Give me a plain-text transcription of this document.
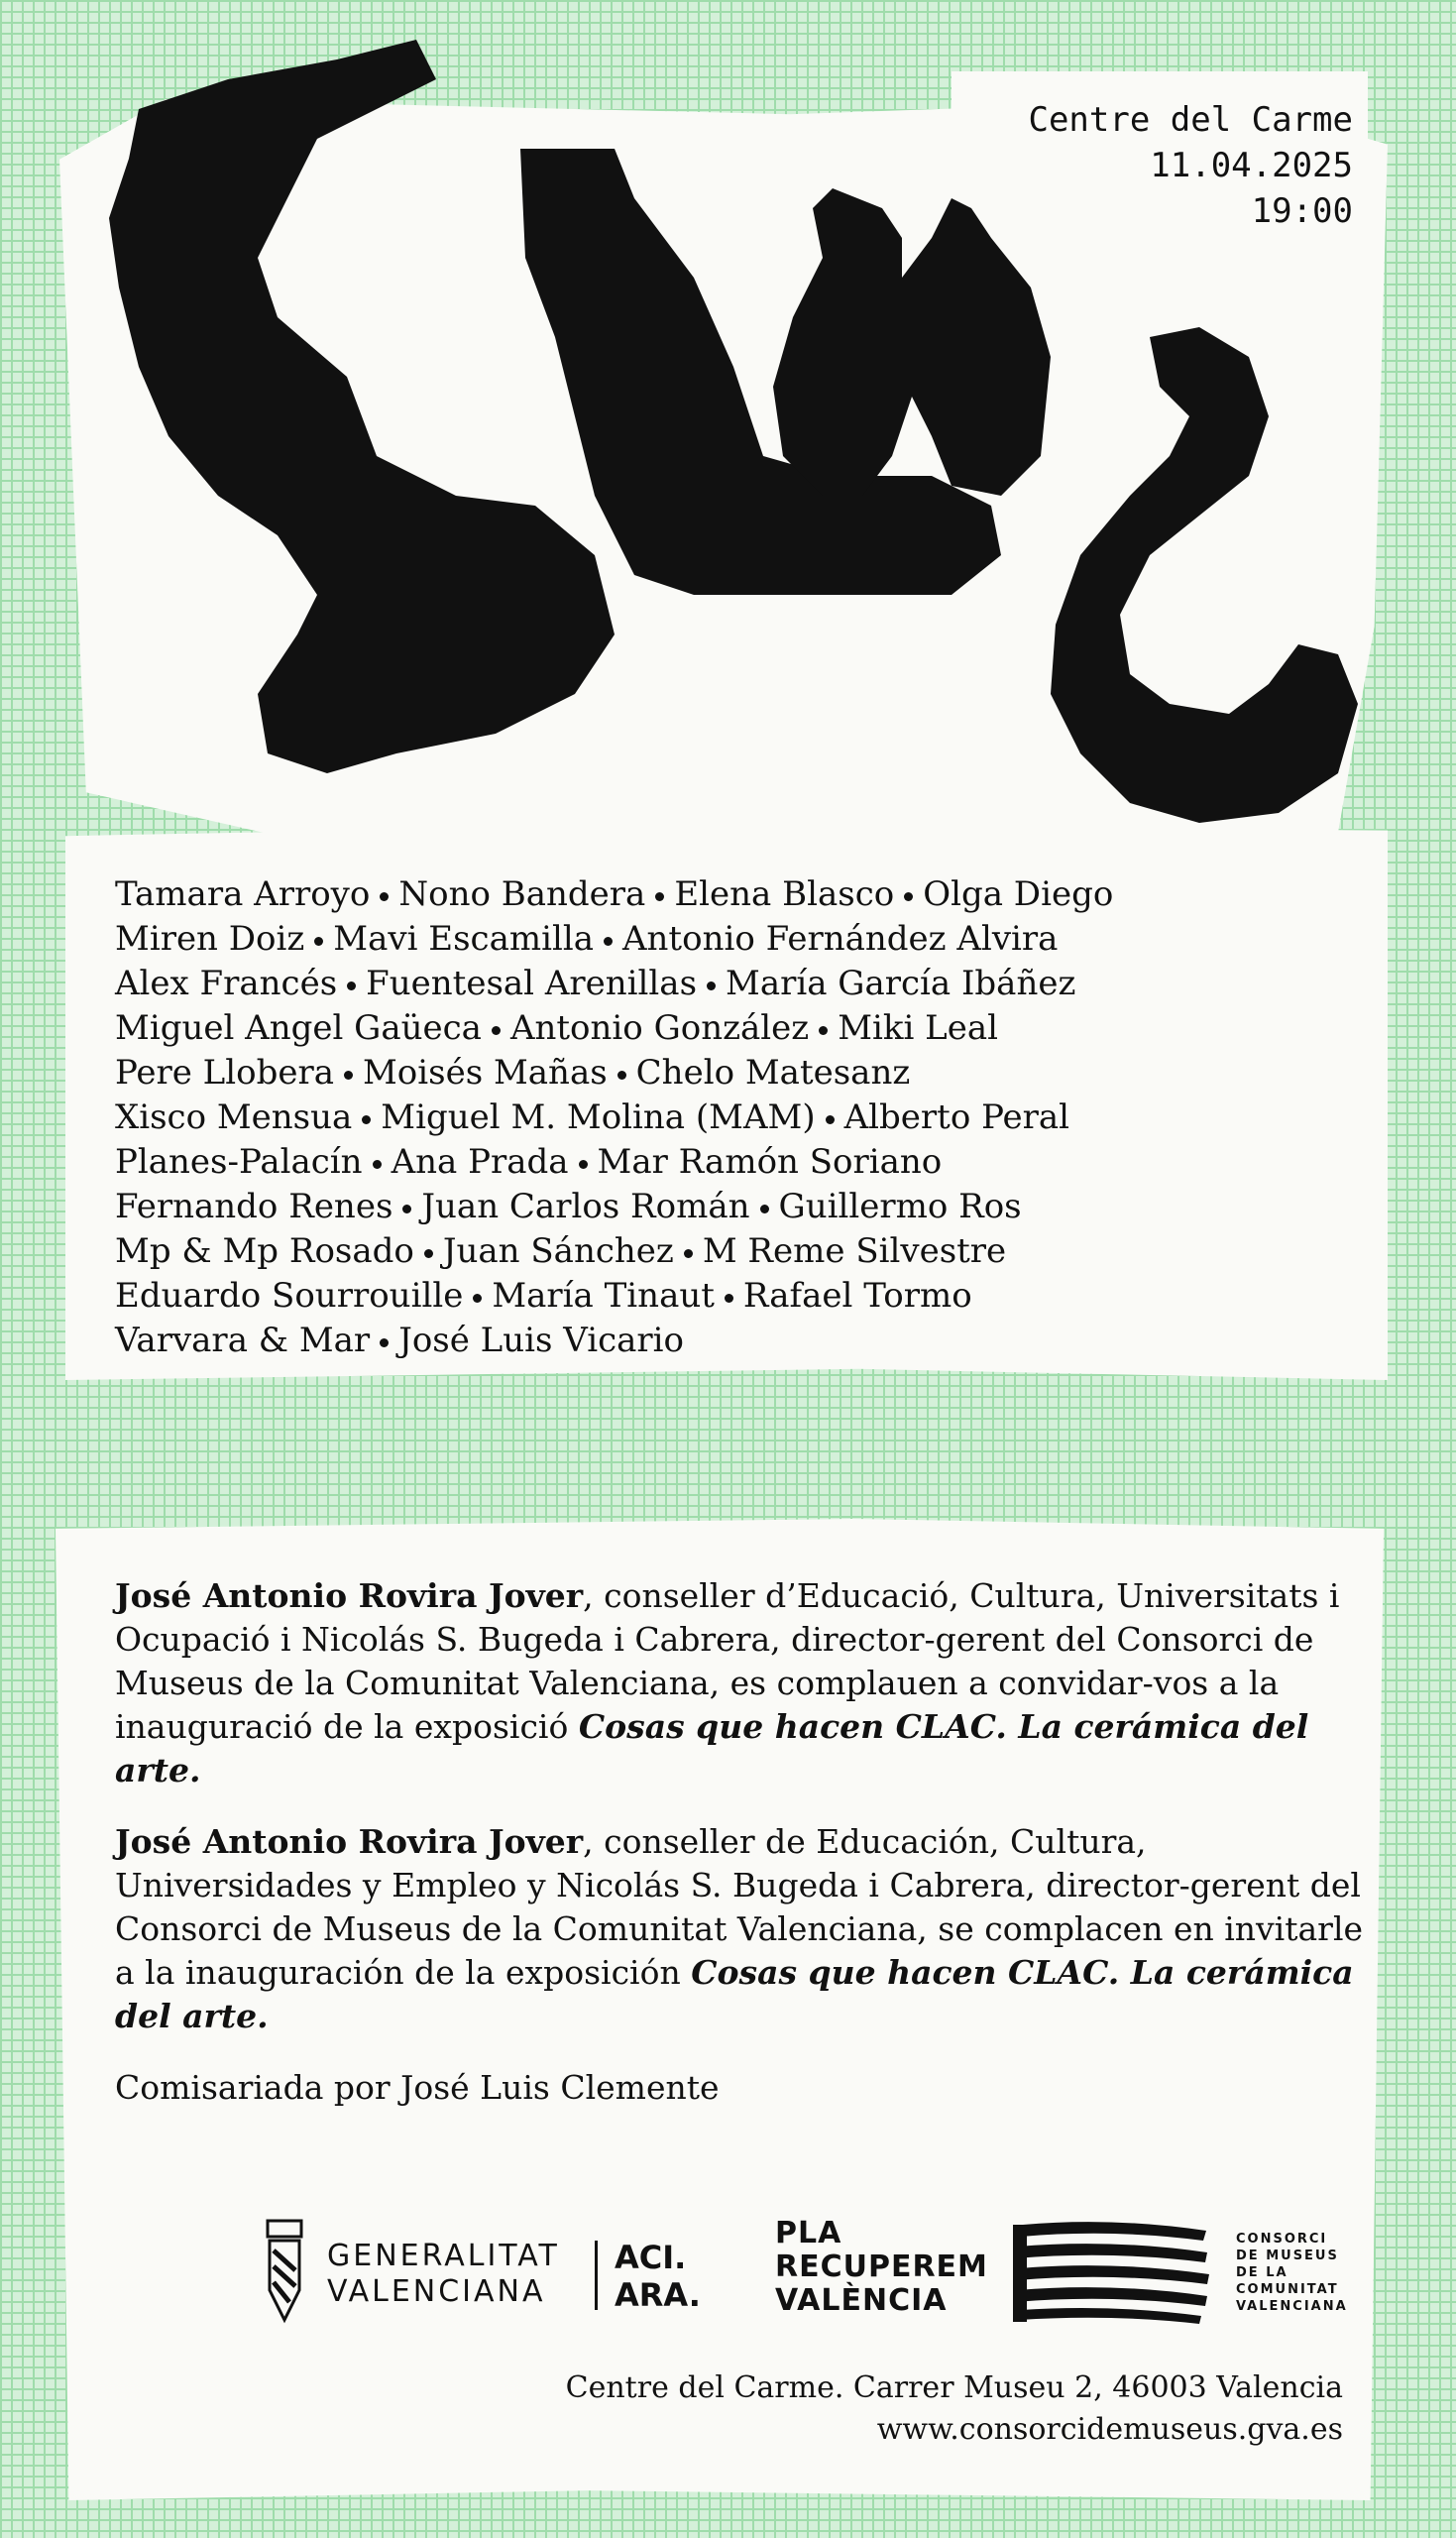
Centre del Carme
11.04.2025
19:00
Tamara Arroyo Nono Bandera Elena Blasco Olga Diego
Miren Doiz Mavi Escamilla Antonio Fernández Alvira
Alex Francés Fuentesal Arenillas María García Ibáñez
Miguel Angel Gaüeca Antonio González Miki Leal
Pere Llobera Moisés Mañas Chelo Matesanz
Xisco Mensua Miguel M. Molina (MAM) Alberto Peral
Planes-Palacín Ana Prada Mar Ramón Soriano
Fernando Renes Juan Carlos Román Guillermo Ros
Mp & Mp Rosado Juan Sánchez M Reme Silvestre
Eduardo Sourrouille María Tinaut Rafael Tormo
Varvara & Mar José Luis Vicario
José Antonio Rovira Jover, conseller d’Educació, Cultura, Universitats i Ocupació i Nicolás S. Bugeda i Cabrera, director-gerent del Consorci de Museus de la Comunitat Valenciana, es complauen a convidar-vos a la inauguració de la exposició Cosas que hacen CLAC. La cerámica del arte.
José Antonio Rovira Jover, conseller de Educación, Cultura, Universidades y Empleo y Nicolás S. Bugeda i Cabrera, director-gerent del Consorci de Museus de la Comunitat Valenciana, se complacen en invitarle a la inauguración de la exposición Cosas que hacen CLAC. La cerámica del arte.
Comisariada por José Luis Clemente
GENERALITAT
VALENCIANA
ACI.
ARA.
PLA
RECUPEREM
VALÈNCIA
CONSORCI
DE MUSEUS
DE LA
COMUNITAT
VALENCIANA
Centre del Carme. Carrer Museu 2, 46003 Valencia
www.consorcidemuseus.gva.es
